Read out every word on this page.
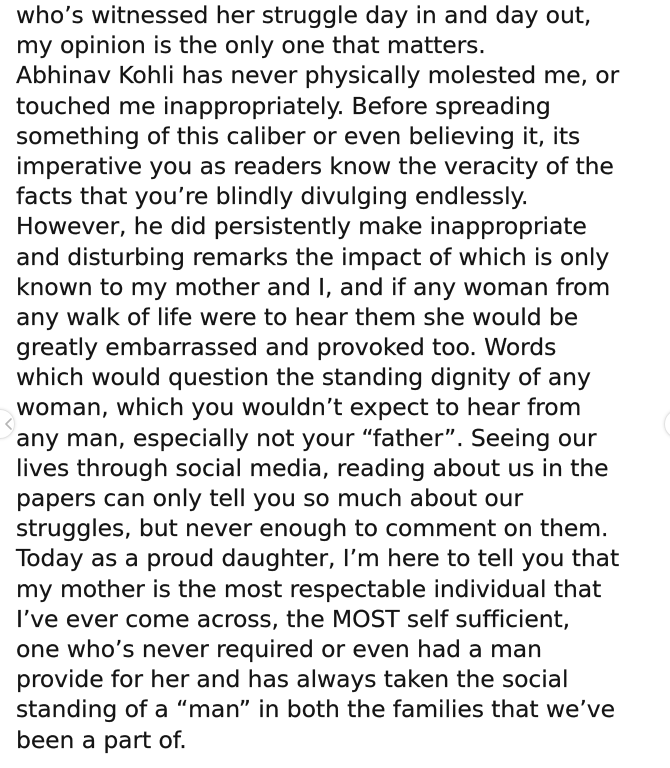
who’s witnessed her struggle day in and day out,
my opinion is the only one that matters.
Abhinav Kohli has never physically molested me, or
touched me inappropriately. Before spreading
something of this caliber or even believing it, its
imperative you as readers know the veracity of the
facts that you’re blindly divulging endlessly.
However, he did persistently make inappropriate
and disturbing remarks the impact of which is only
known to my mother and I, and if any woman from
any walk of life were to hear them she would be
greatly embarrassed and provoked too. Words
which would question the standing dignity of any
woman, which you wouldn’t expect to hear from
any man, especially not your “father”. Seeing our
lives through social media, reading about us in the
papers can only tell you so much about our
struggles, but never enough to comment on them.
Today as a proud daughter, I’m here to tell you that
my mother is the most respectable individual that
I’ve ever come across, the MOST self sufficient,
one who’s never required or even had a man
provide for her and has always taken the social
standing of a “man” in both the families that we’ve
been a part of.
